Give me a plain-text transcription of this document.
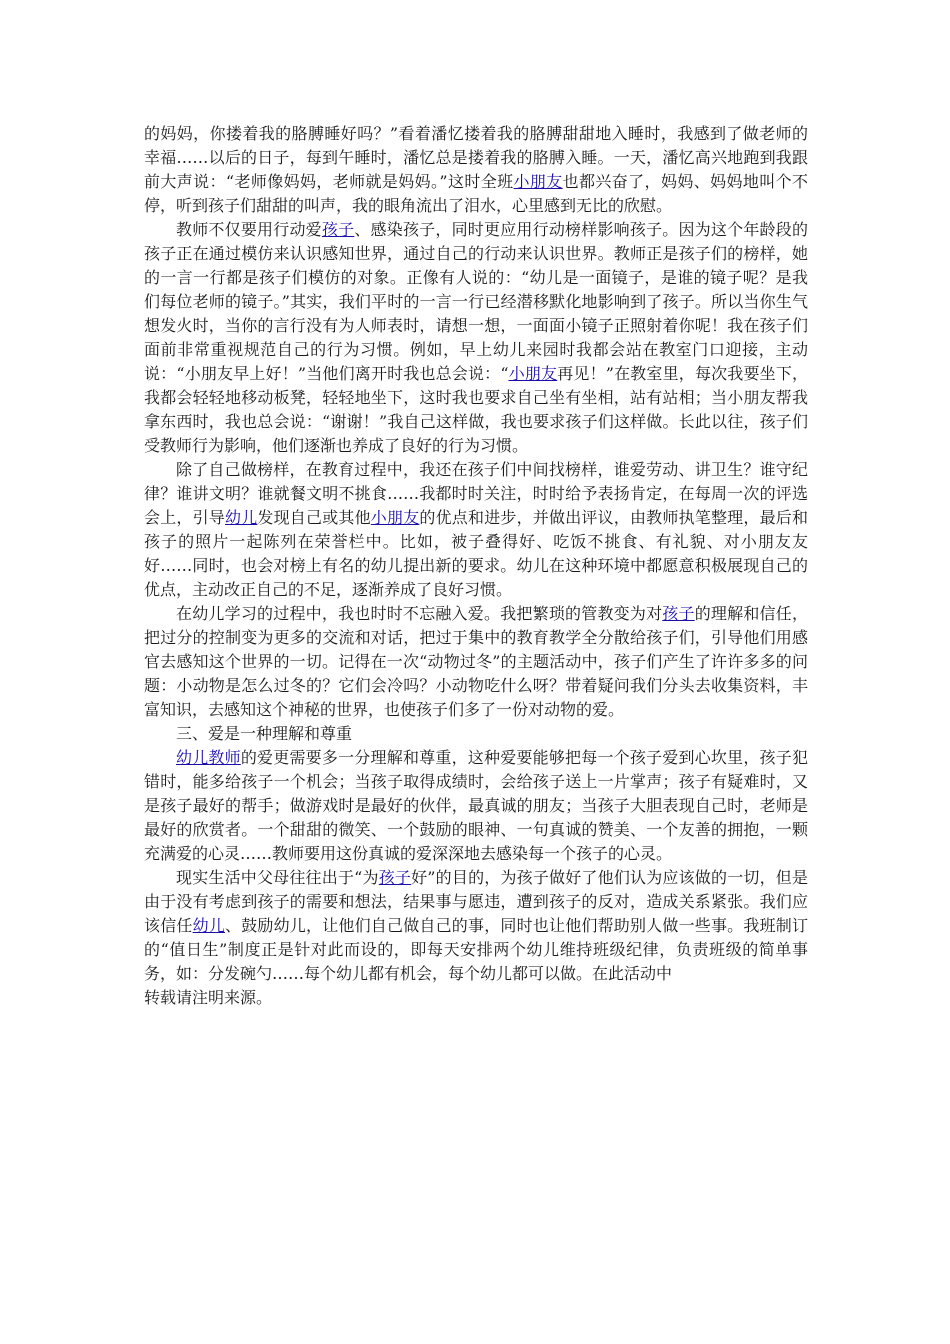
的妈妈，你搂着我的胳膊睡好吗？”看着潘忆搂着我的胳膊甜甜地入睡时，我感到了做老师的幸福……以后的日子，每到午睡时，潘忆总是搂着我的胳膊入睡。一天，潘忆高兴地跑到我跟前大声说：“老师像妈妈，老师就是妈妈。”这时全班小朋友也都兴奋了，妈妈、妈妈地叫个不停，听到孩子们甜甜的叫声，我的眼角流出了泪水，心里感到无比的欣慰。

教师不仅要用行动爱孩子、感染孩子，同时更应用行动榜样影响孩子。因为这个年龄段的孩子正在通过模仿来认识感知世界，通过自己的行动来认识世界。教师正是孩子们的榜样，她的一言一行都是孩子们模仿的对象。正像有人说的：“幼儿是一面镜子，是谁的镜子呢？是我们每位老师的镜子。”其实，我们平时的一言一行已经潜移默化地影响到了孩子。所以当你生气想发火时，当你的言行没有为人师表时，请想一想，一面面小镜子正照射着你呢！我在孩子们面前非常重视规范自己的行为习惯。例如，早上幼儿来园时我都会站在教室门口迎接，主动说：“小朋友早上好！”当他们离开时我也总会说：“小朋友再见！”在教室里，每次我要坐下，我都会轻轻地移动板凳，轻轻地坐下，这时我也要求自己坐有坐相，站有站相；当小朋友帮我拿东西时，我也总会说：“谢谢！”我自己这样做，我也要求孩子们这样做。长此以往，孩子们受教师行为影响，他们逐渐也养成了良好的行为习惯。

除了自己做榜样，在教育过程中，我还在孩子们中间找榜样，谁爱劳动、讲卫生？谁守纪律？谁讲文明？谁就餐文明不挑食……我都时时关注，时时给予表扬肯定，在每周一次的评选会上，引导幼儿发现自己或其他小朋友的优点和进步，并做出评议，由教师执笔整理，最后和孩子的照片一起陈列在荣誉栏中。比如，被子叠得好、吃饭不挑食、有礼貌、对小朋友友好……同时，也会对榜上有名的幼儿提出新的要求。幼儿在这种环境中都愿意积极展现自己的优点，主动改正自己的不足，逐渐养成了良好习惯。

在幼儿学习的过程中，我也时时不忘融入爱。我把繁琐的管教变为对孩子的理解和信任，把过分的控制变为更多的交流和对话，把过于集中的教育教学全分散给孩子们，引导他们用感官去感知这个世界的一切。记得在一次“动物过冬”的主题活动中，孩子们产生了许许多多的问题：小动物是怎么过冬的？它们会冷吗？小动物吃什么呀？带着疑问我们分头去收集资料，丰富知识，去感知这个神秘的世界，也使孩子们多了一份对动物的爱。

三、爱是一种理解和尊重

幼儿教师的爱更需要多一分理解和尊重，这种爱要能够把每一个孩子爱到心坎里，孩子犯错时，能多给孩子一个机会；当孩子取得成绩时，会给孩子送上一片掌声；孩子有疑难时，又是孩子最好的帮手；做游戏时是最好的伙伴，最真诚的朋友；当孩子大胆表现自己时，老师是最好的欣赏者。一个甜甜的微笑、一个鼓励的眼神、一句真诚的赞美、一个友善的拥抱，一颗充满爱的心灵……教师要用这份真诚的爱深深地去感染每一个孩子的心灵。

现实生活中父母往往出于“为孩子好”的目的，为孩子做好了他们认为应该做的一切，但是由于没有考虑到孩子的需要和想法，结果事与愿违，遭到孩子的反对，造成关系紧张。我们应该信任幼儿、鼓励幼儿，让他们自己做自己的事，同时也让他们帮助别人做一些事。我班制订的“值日生”制度正是针对此而设的，即每天安排两个幼儿维持班级纪律，负责班级的简单事务，如：分发碗勺……每个幼儿都有机会，每个幼儿都可以做。在此活动中

转载请注明来源。
